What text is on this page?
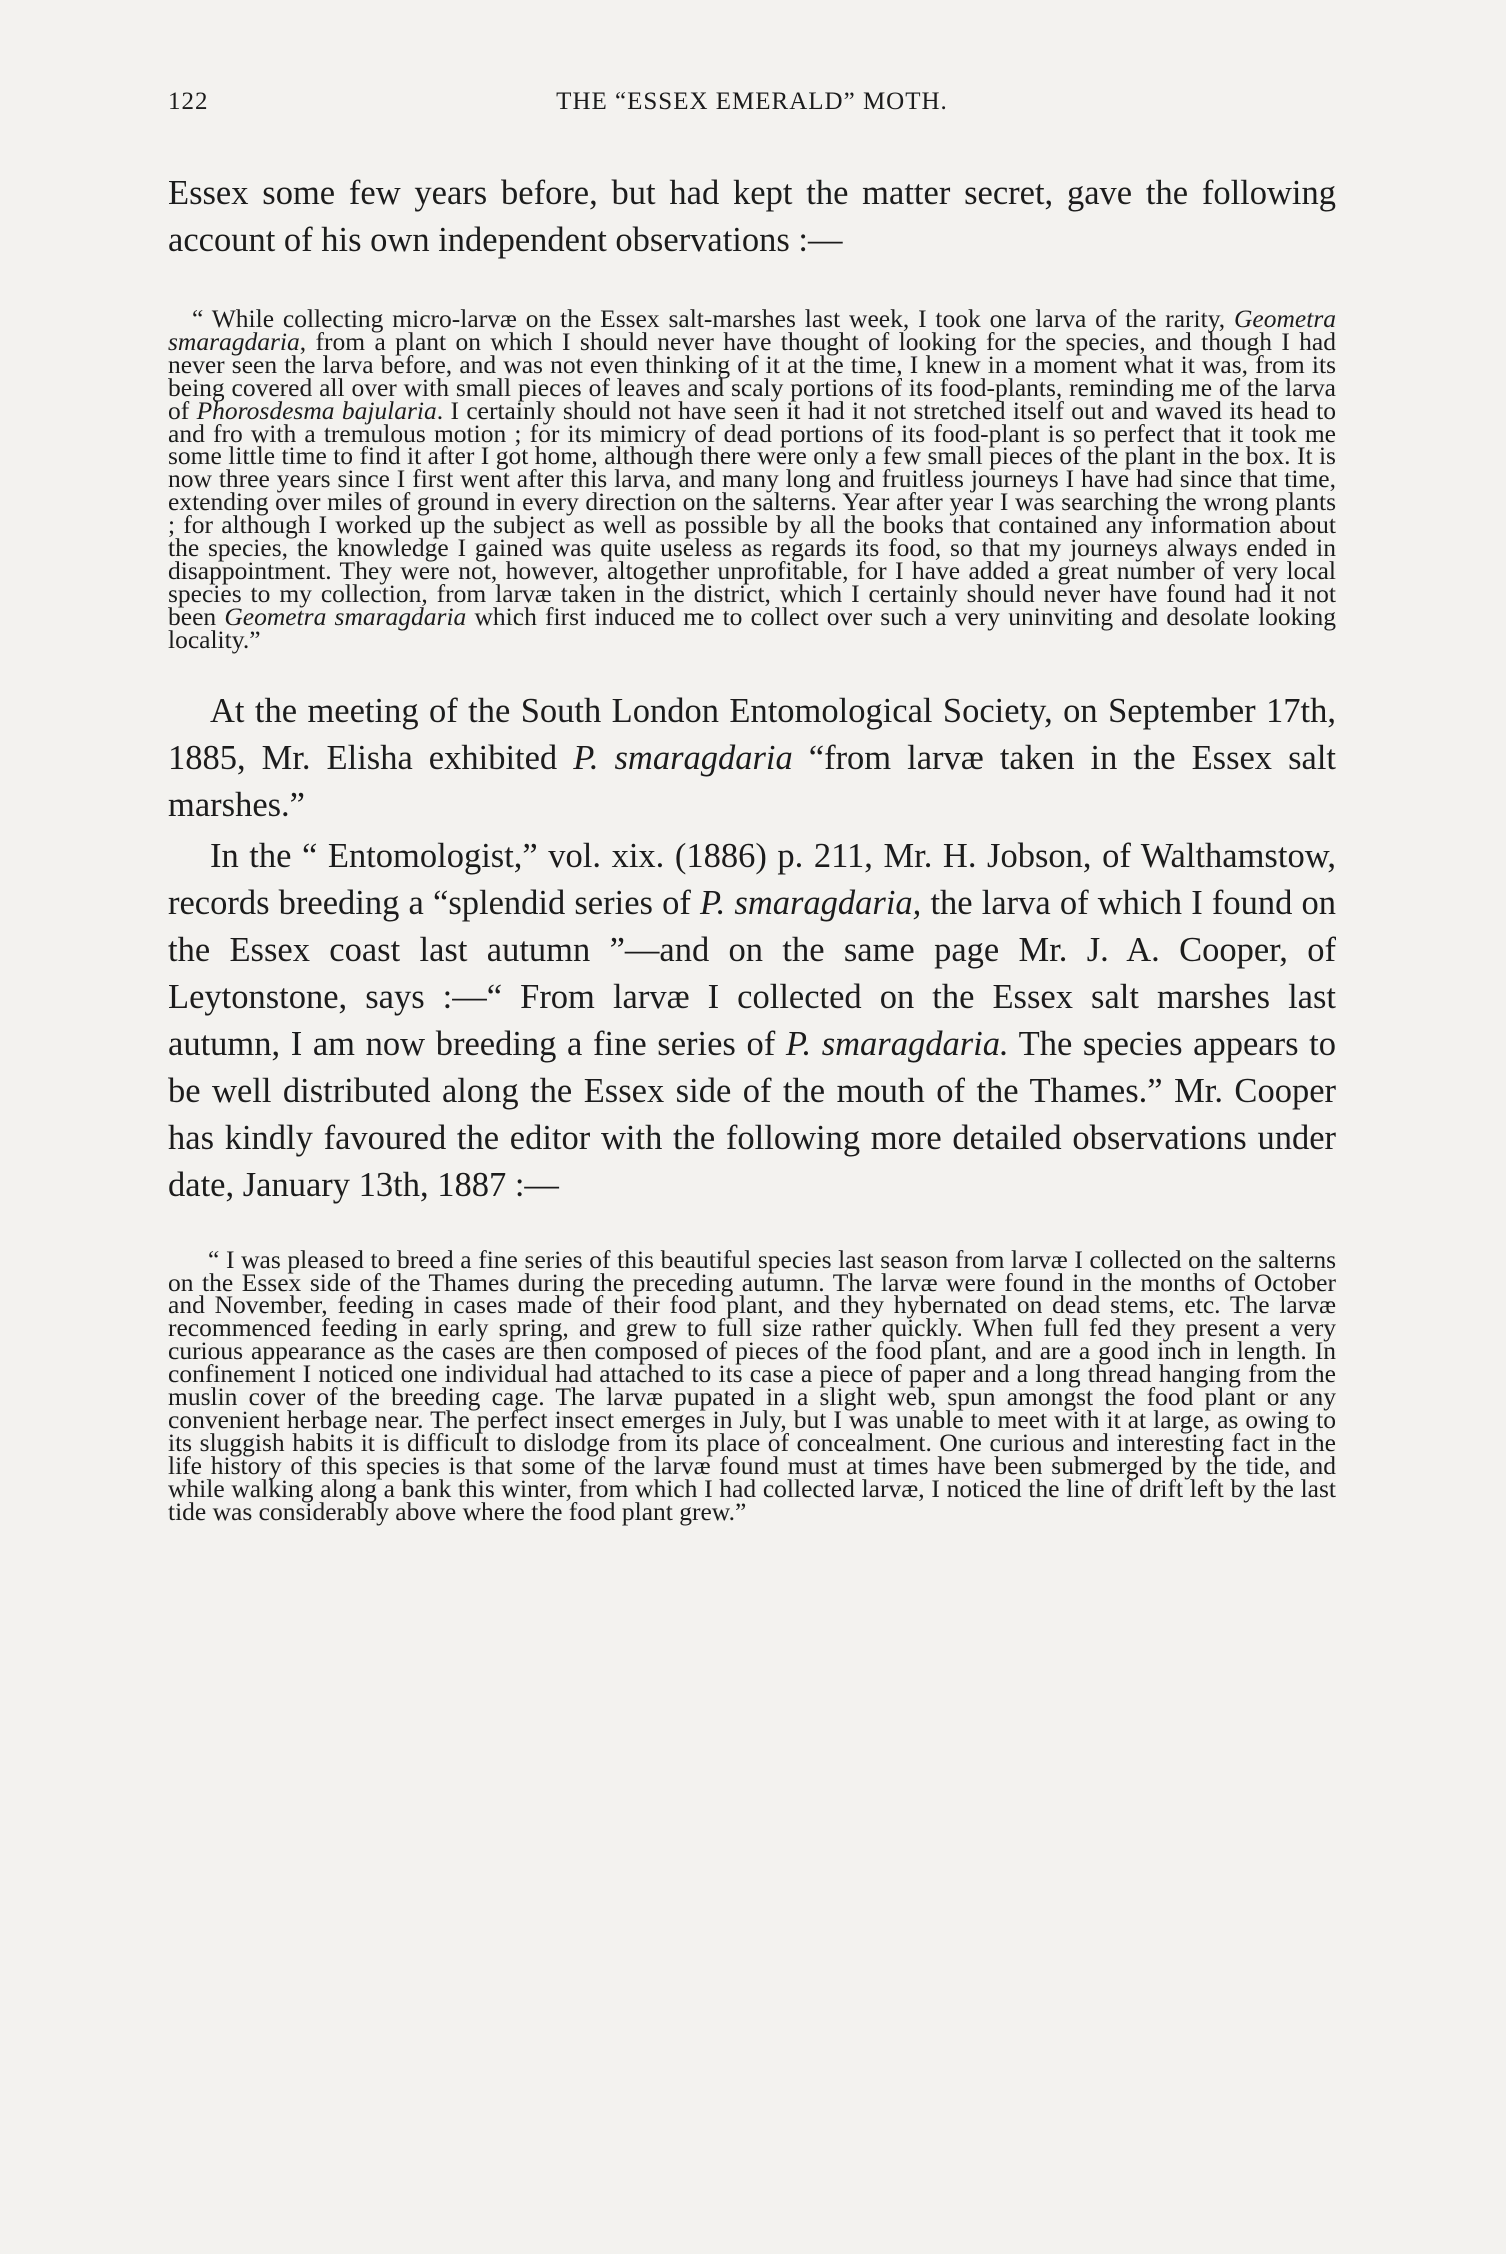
122	THE “ESSEX EMERALD” MOTH.

Essex some few years before, but had kept the matter secret, gave the following account of his own independent observations :—

“ While collecting micro-larvæ on the Essex salt-marshes last week, I took one larva of the rarity, Geometra smaragdaria, from a plant on which I should never have thought of looking for the species, and though I had never seen the larva before, and was not even thinking of it at the time, I knew in a moment what it was, from its being covered all over with small pieces of leaves and scaly portions of its food-plants, reminding me of the larva of Phorosdesma bajularia. I certainly should not have seen it had it not stretched itself out and waved its head to and fro with a tremulous motion ; for its mimicry of dead portions of its food-plant is so perfect that it took me some little time to find it after I got home, although there were only a few small pieces of the plant in the box. It is now three years since I first went after this larva, and many long and fruitless journeys I have had since that time, extending over miles of ground in every direction on the salterns. Year after year I was searching the wrong plants ; for although I worked up the subject as well as possible by all the books that contained any information about the species, the knowledge I gained was quite useless as regards its food, so that my journeys always ended in disappointment. They were not, however, altogether unprofitable, for I have added a great number of very local species to my collection, from larvæ taken in the district, which I certainly should never have found had it not been Geometra smaragdaria which first induced me to collect over such a very uninviting and desolate looking locality.”

At the meeting of the South London Entomological Society, on September 17th, 1885, Mr. Elisha exhibited P. smaragdaria “from larvæ taken in the Essex salt marshes.”

In the “ Entomologist,” vol. xix. (1886) p. 211, Mr. H. Jobson, of Walthamstow, records breeding a “splendid series of P. smaragdaria, the larva of which I found on the Essex coast last autumn ”—and on the same page Mr. J. A. Cooper, of Leytonstone, says :—“ From larvæ I collected on the Essex salt marshes last autumn, I am now breeding a fine series of P. smaragdaria. The species appears to be well distributed along the Essex side of the mouth of the Thames.” Mr. Cooper has kindly favoured the editor with the following more detailed observations under date, January 13th, 1887 :—

“ I was pleased to breed a fine series of this beautiful species last season from larvæ I collected on the salterns on the Essex side of the Thames during the preceding autumn. The larvæ were found in the months of October and November, feeding in cases made of their food plant, and they hybernated on dead stems, etc. The larvæ recommenced feeding in early spring, and grew to full size rather quickly. When full fed they present a very curious appearance as the cases are then composed of pieces of the food plant, and are a good inch in length. In confinement I noticed one individual had attached to its case a piece of paper and a long thread hanging from the muslin cover of the breeding cage. The larvæ pupated in a slight web, spun amongst the food plant or any convenient herbage near. The perfect insect emerges in July, but I was unable to meet with it at large, as owing to its sluggish habits it is difficult to dislodge from its place of concealment. One curious and interesting fact in the life history of this species is that some of the larvæ found must at times have been submerged by the tide, and while walking along a bank this winter, from which I had collected larvæ, I noticed the line of drift left by the last tide was considerably above where the food plant grew.”
